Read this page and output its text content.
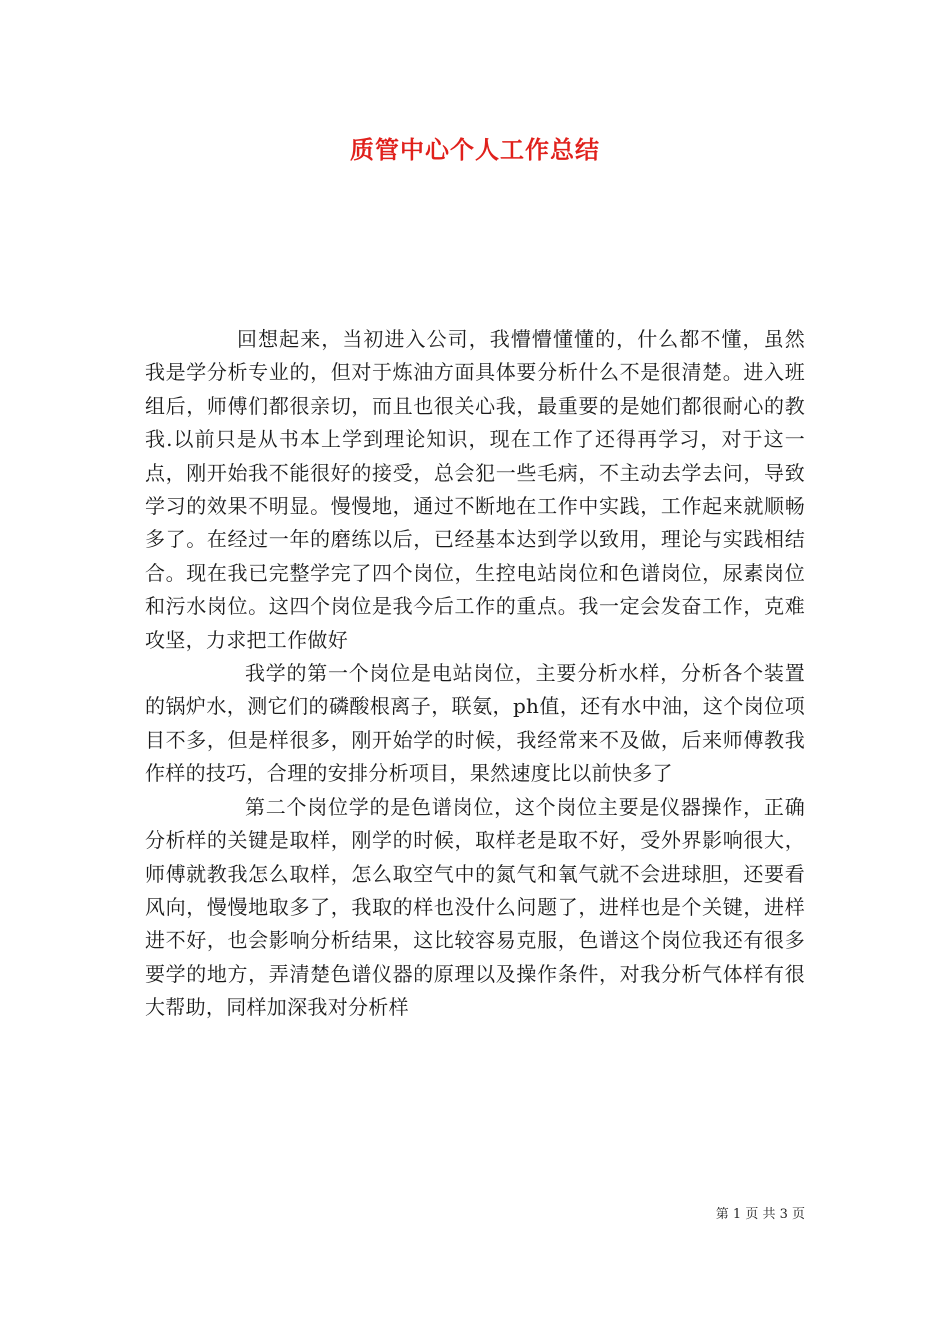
质管中心个人工作总结

回想起来，当初进入公司，我懵懵懂懂的，什么都不懂，虽然我是学分析专业的，但对于炼油方面具体要分析什么不是很清楚。进入班组后，师傅们都很亲切，而且也很关心我，最重要的是她们都很耐心的教我.以前只是从书本上学到理论知识，现在工作了还得再学习，对于这一点，刚开始我不能很好的接受，总会犯一些毛病，不主动去学去问，导致学习的效果不明显。慢慢地，通过不断地在工作中实践，工作起来就顺畅多了。在经过一年的磨练以后，已经基本达到学以致用，理论与实践相结合。现在我已完整学完了四个岗位，生控电站岗位和色谱岗位，尿素岗位和污水岗位。这四个岗位是我今后工作的重点。我一定会发奋工作，克难攻坚，力求把工作做好

我学的第一个岗位是电站岗位，主要分析水样，分析各个装置的锅炉水，测它们的磷酸根离子，联氨，ph值，还有水中油，这个岗位项目不多，但是样很多，刚开始学的时候，我经常来不及做，后来师傅教我作样的技巧，合理的安排分析项目，果然速度比以前快多了

第二个岗位学的是色谱岗位，这个岗位主要是仪器操作，正确分析样的关键是取样，刚学的时候，取样老是取不好，受外界影响很大，师傅就教我怎么取样，怎么取空气中的氮气和氧气就不会进球胆，还要看风向，慢慢地取多了，我取的样也没什么问题了，进样也是个关键，进样进不好，也会影响分析结果，这比较容易克服，色谱这个岗位我还有很多要学的地方，弄清楚色谱仪器的原理以及操作条件，对我分析气体样有很大帮助，同样加深我对分析样

第 1 页 共 3 页
